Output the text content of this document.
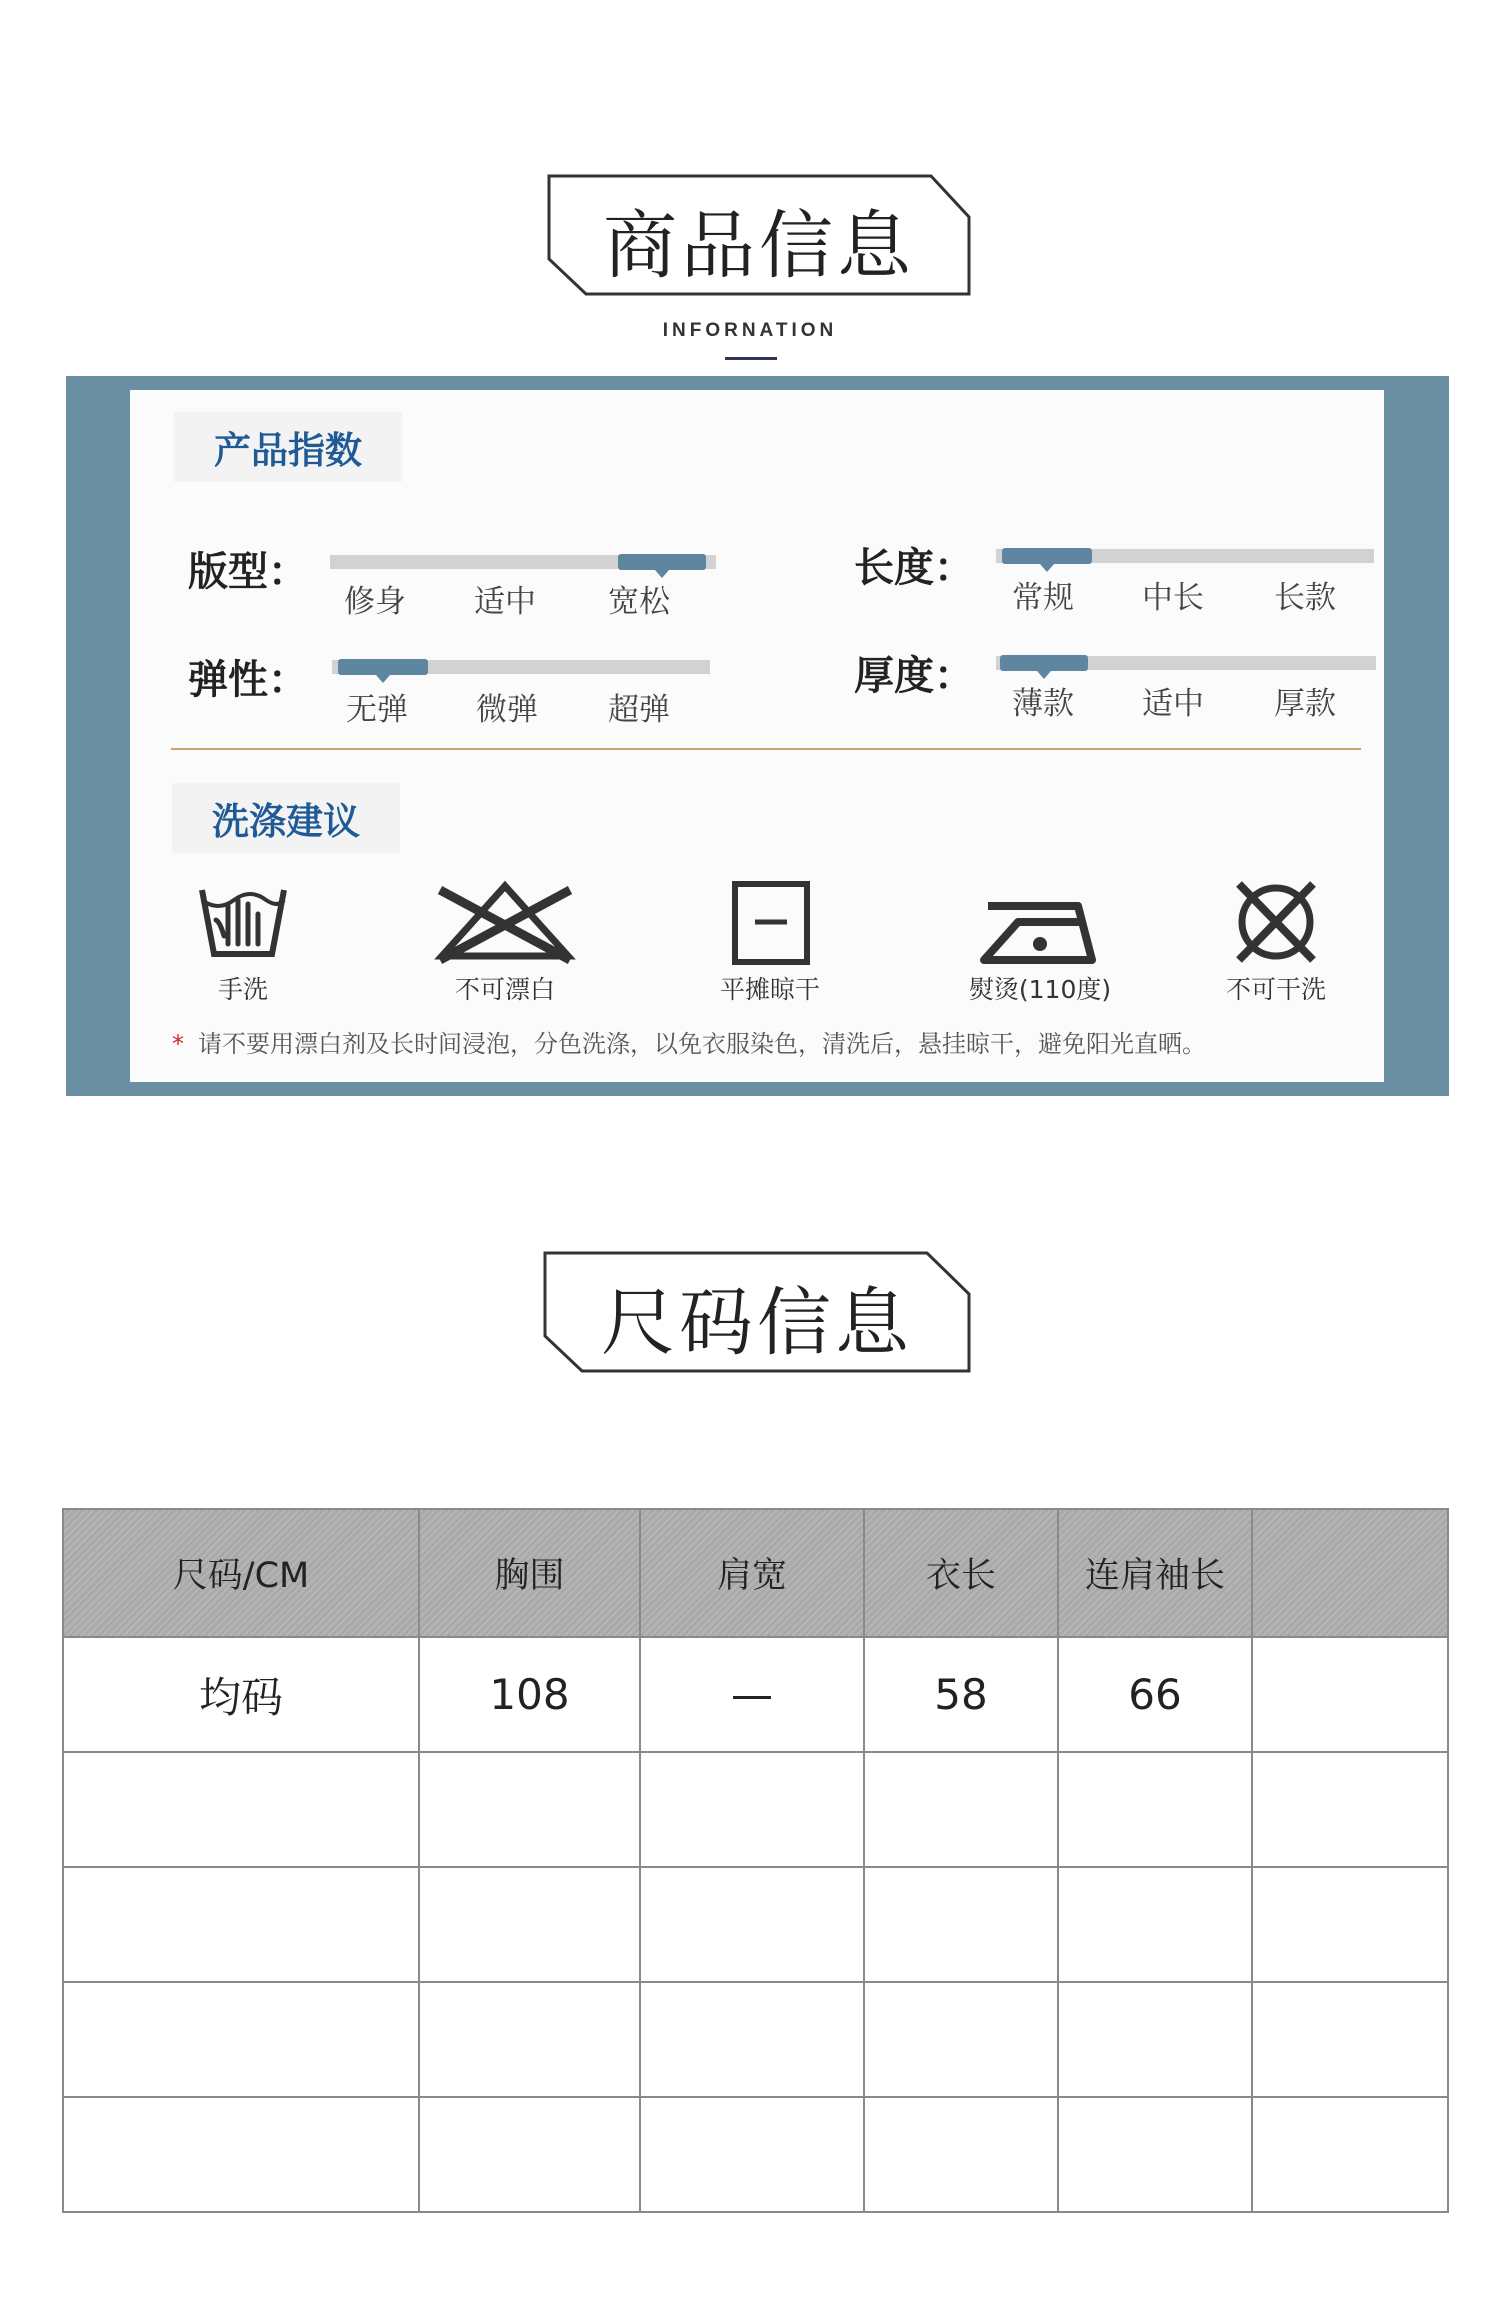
商品信息
INFORNATION
产品指数
版型：
修身	适中	宽松
长度：
常规	中长	长款
弹性：
无弹	微弹	超弹
厚度：
薄款	适中	厚款
洗涤建议
手洗	不可漂白	平摊晾干	熨烫(110度)	不可干洗
* 请不要用漂白剂及长时间浸泡，分色洗涤，以免衣服染色，清洗后，悬挂晾干，避免阳光直晒。
尺码信息
尺码/CM	胸围	肩宽	衣长	连肩袖长	
均码	108	—	58	66	
